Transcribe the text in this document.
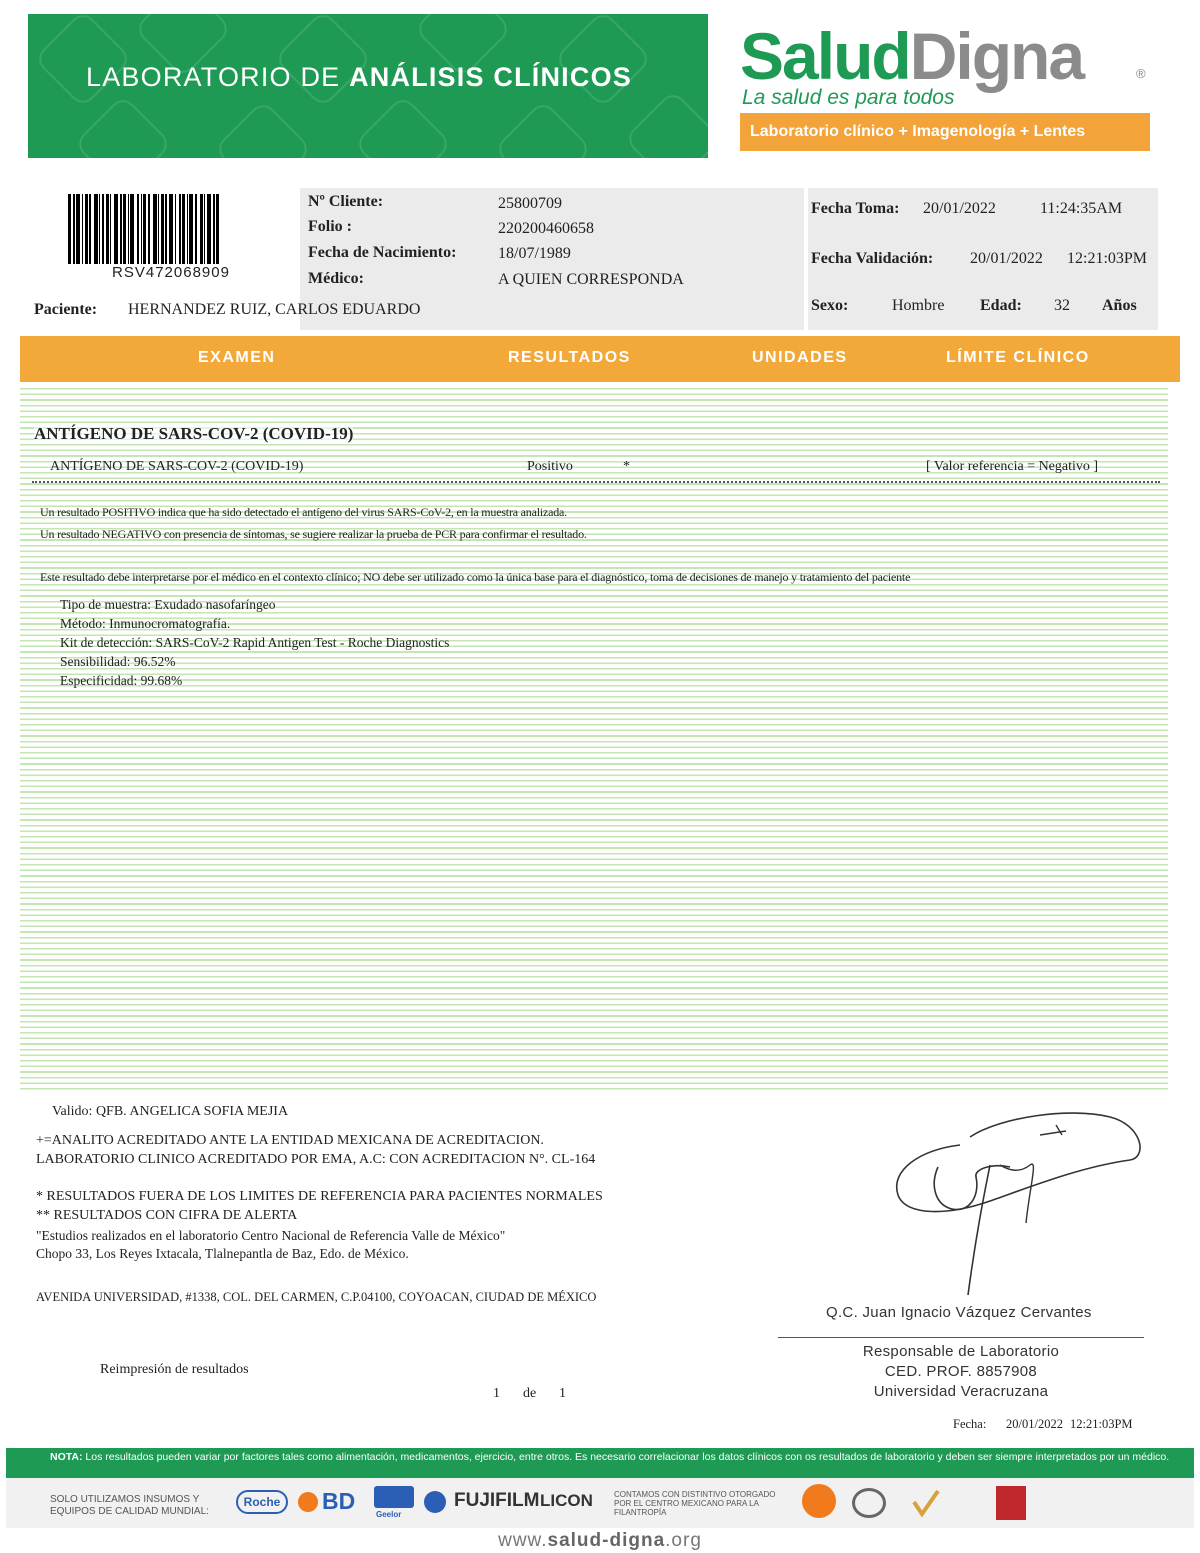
LABORATORIO DE ANÁLISIS CLÍNICOS SaludDigna	®
La salud es para todos
Laboratorio clínico + Imagenología + Lentes
RSV472068909
Nº Cliente:	25800709
Folio :	220200460658
Fecha de Nacimiento:	18/07/1989
Médico:	A QUIEN CORRESPONDA
Paciente: HERNANDEZ RUIZ, CARLOS EDUARDO
Fecha Toma: 20/01/2022	11:24:35AM
Fecha Validación: 20/01/2022 12:21:03PM
Sexo:	Hombre Edad: 32 Años
EXAMEN	RESULTADOS	UNIDADES	LÍMITE CLÍNICO
ANTÍGENO DE SARS-COV-2 (COVID-19)
ANTÍGENO DE SARS-COV-2 (COVID-19)	Positivo	*	[ Valor referencia = Negativo ]
Un resultado POSITIVO indica que ha sido detectado el antígeno del virus SARS-CoV-2, en la muestra analizada.
Un resultado NEGATIVO con presencia de síntomas, se sugiere realizar la prueba de PCR para confirmar el resultado.
Este resultado debe interpretarse por el médico en el contexto clínico; NO debe ser utilizado como la única base para el diagnóstico, toma de decisiones de manejo y tratamiento del paciente
Tipo de muestra: Exudado nasofaríngeo
Método: Inmunocromatografía.
Kit de detección: SARS-CoV-2 Rapid Antigen Test - Roche Diagnostics
Sensibilidad: 96.52%
Especificidad: 99.68%
Valido: QFB. ANGELICA SOFIA MEJIA
+=ANALITO ACREDITADO ANTE LA ENTIDAD MEXICANA DE ACREDITACION.
LABORATORIO CLINICO ACREDITADO POR EMA, A.C: CON ACREDITACION N°. CL-164
* RESULTADOS FUERA DE LOS LIMITES DE REFERENCIA PARA PACIENTES NORMALES
** RESULTADOS CON CIFRA DE ALERTA
"Estudios realizados en el laboratorio Centro Nacional de Referencia Valle de México"
Chopo 33, Los Reyes Ixtacala, Tlalnepantla de Baz, Edo. de México.
AVENIDA UNIVERSIDAD, #1338, COL. DEL CARMEN, C.P.04100, COYOACAN, CIUDAD DE MÉXICO
Reimpresión de resultados
1 de 1
Q.C. Juan Ignacio Vázquez Cervantes
Responsable de Laboratorio
CED. PROF. 8857908
Universidad Veracruzana
Fecha: 20/01/2022 12:21:03PM
NOTA: Los resultados pueden variar por factores tales como alimentación, medicamentos, ejercicio, entre otros. Es necesario correlacionar los datos clínicos con os resultados de laboratorio y deben ser siempre interpretados por un médico.
SOLO UTILIZAMOS INSUMOS Y EQUIPOS DE CALIDAD MUNDIAL:
Roche	BD
Geelor
FUJIFILM LICON	CONTAMOS CON DISTINTIVO OTORGADO POR EL CENTRO MEXICANO PARA LA FILANTROPÍA
www.salud-digna.org
